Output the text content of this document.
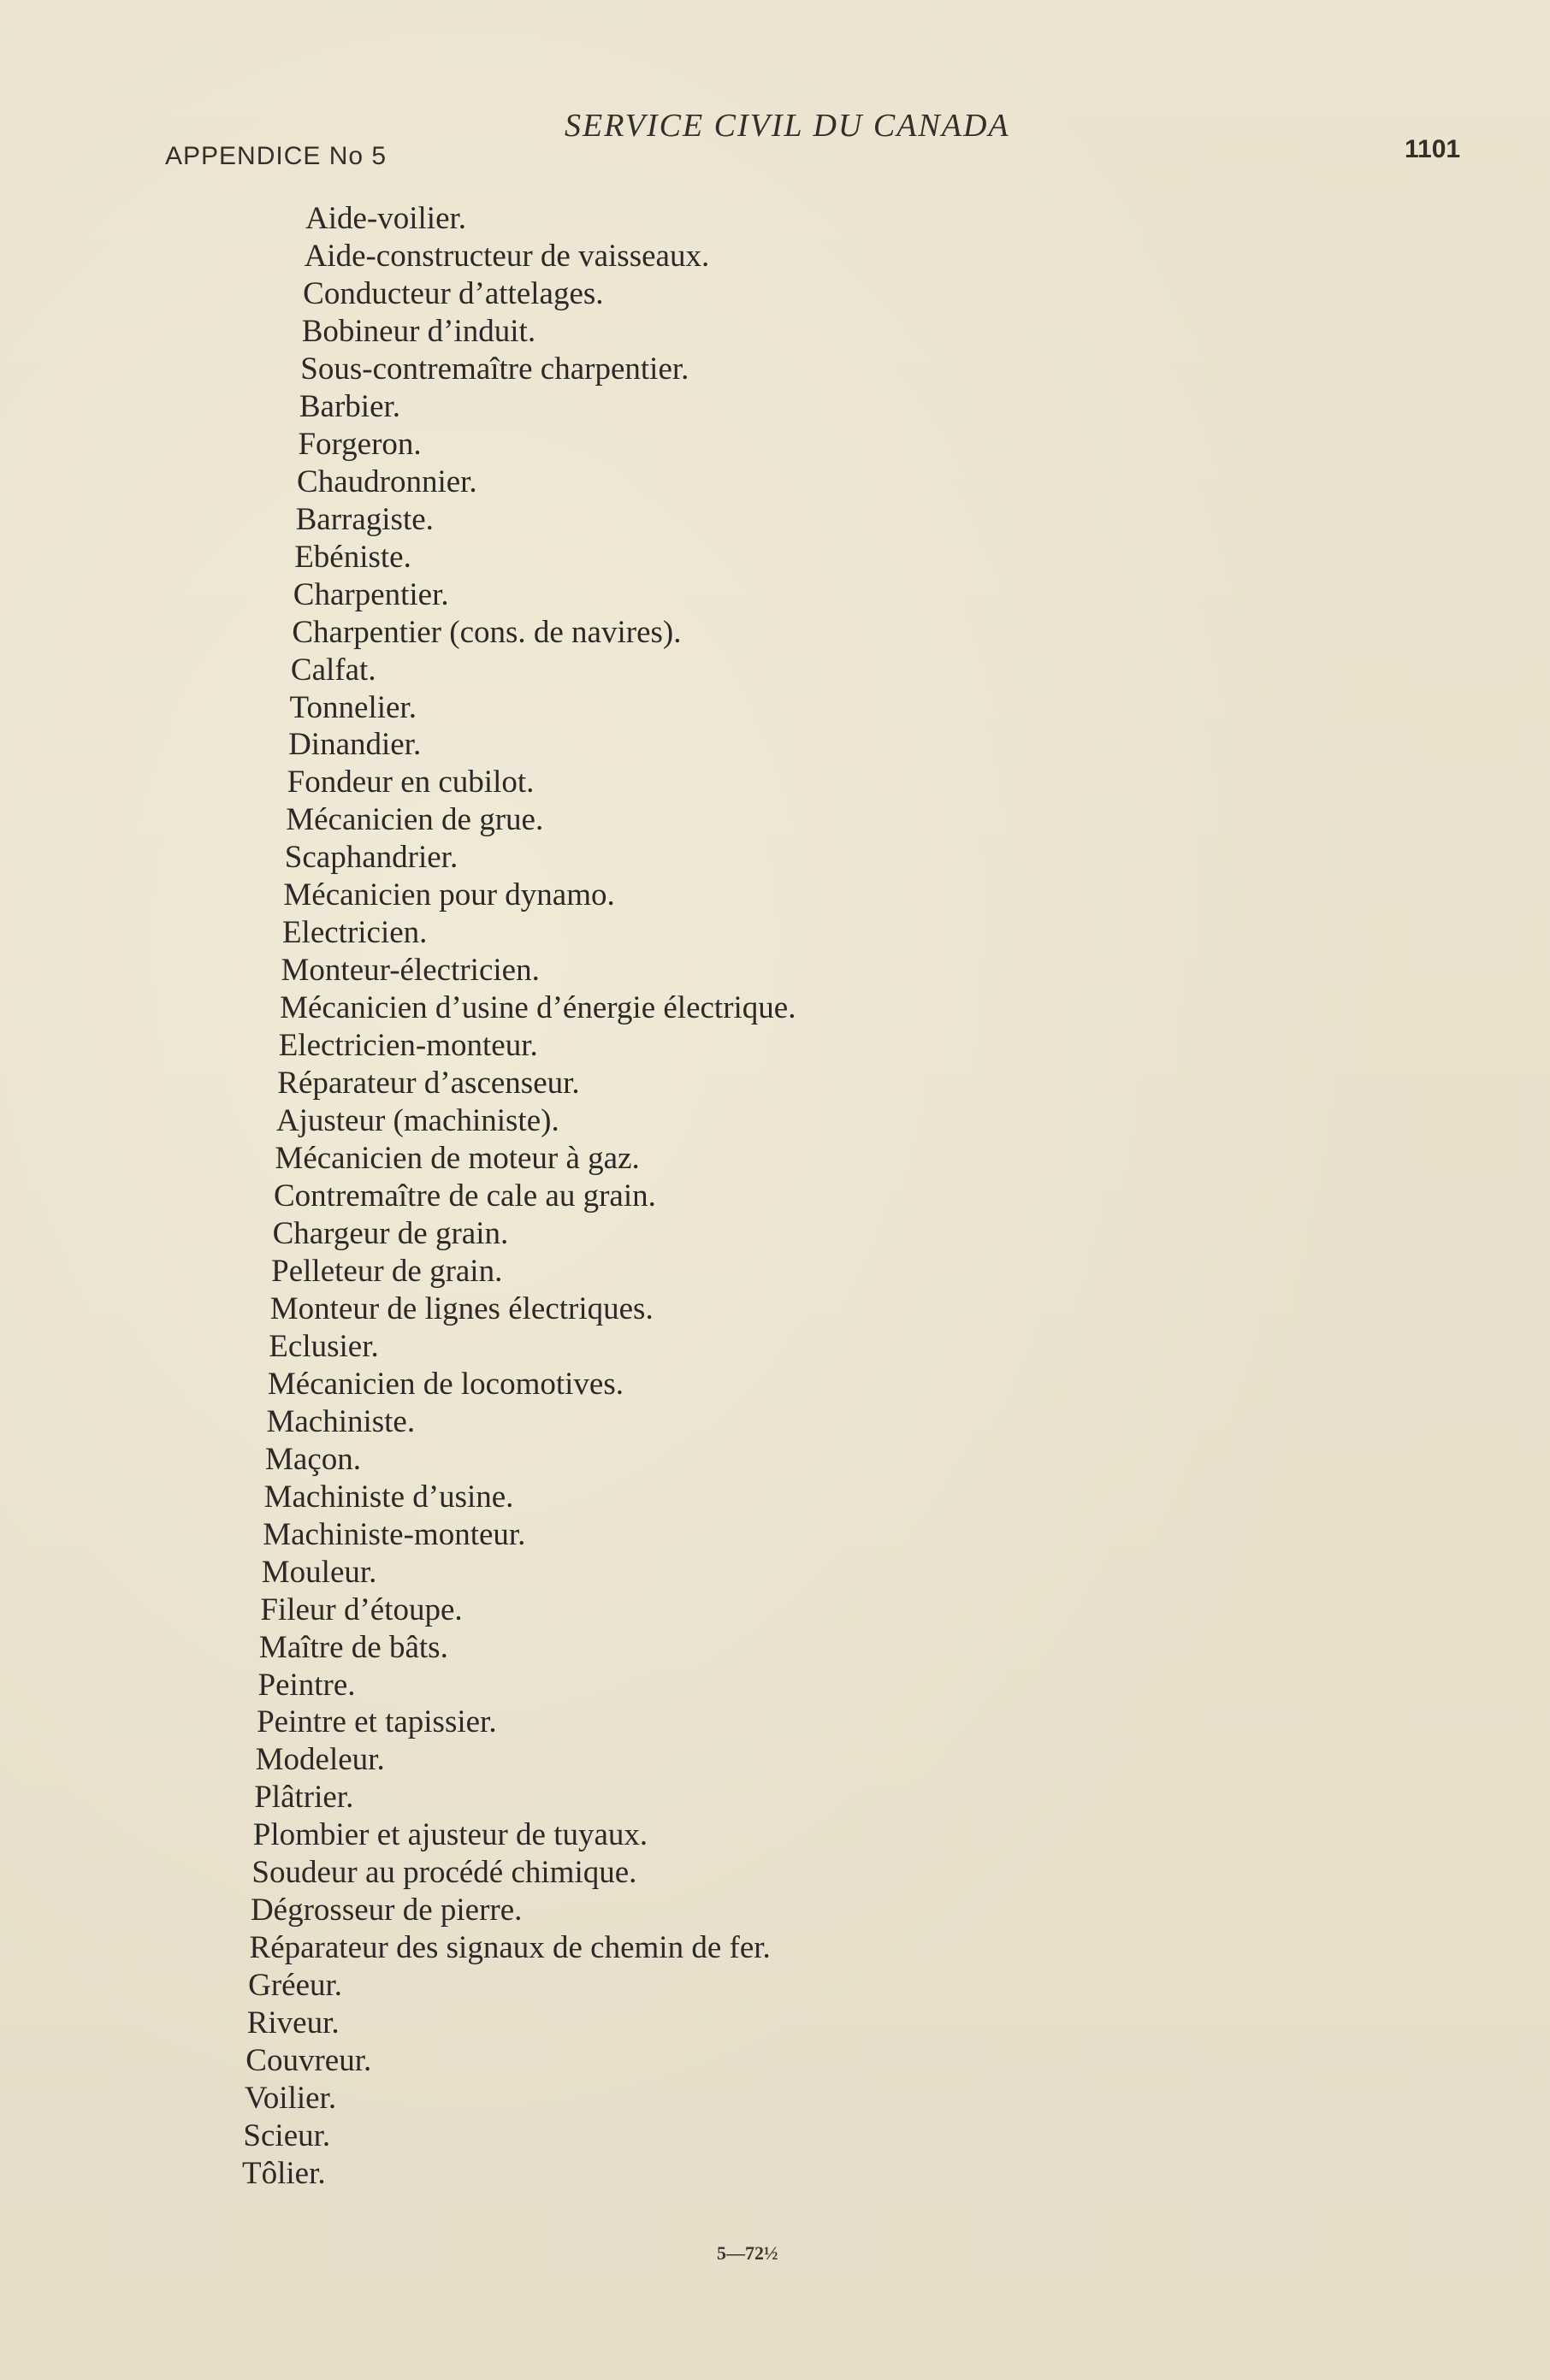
APPENDICE No 5
SERVICE CIVIL DU CANADA
1101
Aide-voilier.
Aide-constructeur de vaisseaux.
Conducteur d’attelages.
Bobineur d’induit.
Sous-contremaître charpentier.
Barbier.
Forgeron.
Chaudronnier.
Barragiste.
Ebéniste.
Charpentier.
Charpentier (cons. de navires).
Calfat.
Tonnelier.
Dinandier.
Fondeur en cubilot.
Mécanicien de grue.
Scaphandrier.
Mécanicien pour dynamo.
Electricien.
Monteur-électricien.
Mécanicien d’usine d’énergie électrique.
Electricien-monteur.
Réparateur d’ascenseur.
Ajusteur (machiniste).
Mécanicien de moteur à gaz.
Contremaître de cale au grain.
Chargeur de grain.
Pelleteur de grain.
Monteur de lignes électriques.
Eclusier.
Mécanicien de locomotives.
Machiniste.
Maçon.
Machiniste d’usine.
Machiniste-monteur.
Mouleur.
Fileur d’étoupe.
Maître de bâts.
Peintre.
Peintre et tapissier.
Modeleur.
Plâtrier.
Plombier et ajusteur de tuyaux.
Soudeur au procédé chimique.
Dégrosseur de pierre.
Réparateur des signaux de chemin de fer.
Gréeur.
Riveur.
Couvreur.
Voilier.
Scieur.
Tôlier.
5—72½
